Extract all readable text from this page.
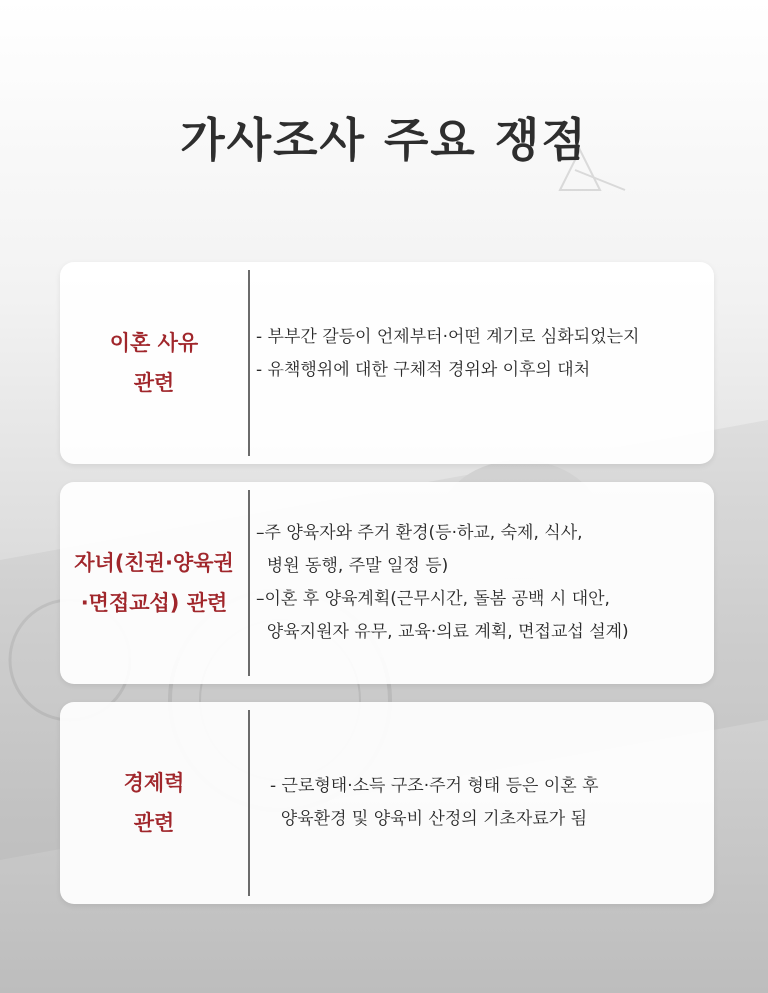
가사조사 주요 쟁점
이혼 사유
관련
- 부부간 갈등이 언제부터·어떤 계기로 심화되었는지
- 유책행위에 대한 구체적 경위와 이후의 대처
자녀(친권·양육권
·면접교섭) 관련
–주 양육자와 주거 환경(등·하교, 숙제, 식사,
병원 동행, 주말 일정 등)
–이혼 후 양육계획(근무시간, 돌봄 공백 시 대안,
양육지원자 유무, 교육·의료 계획, 면접교섭 설계)
경제력
관련
- 근로형태·소득 구조·주거 형태 등은 이혼 후
양육환경 및 양육비 산정의 기초자료가 됨
